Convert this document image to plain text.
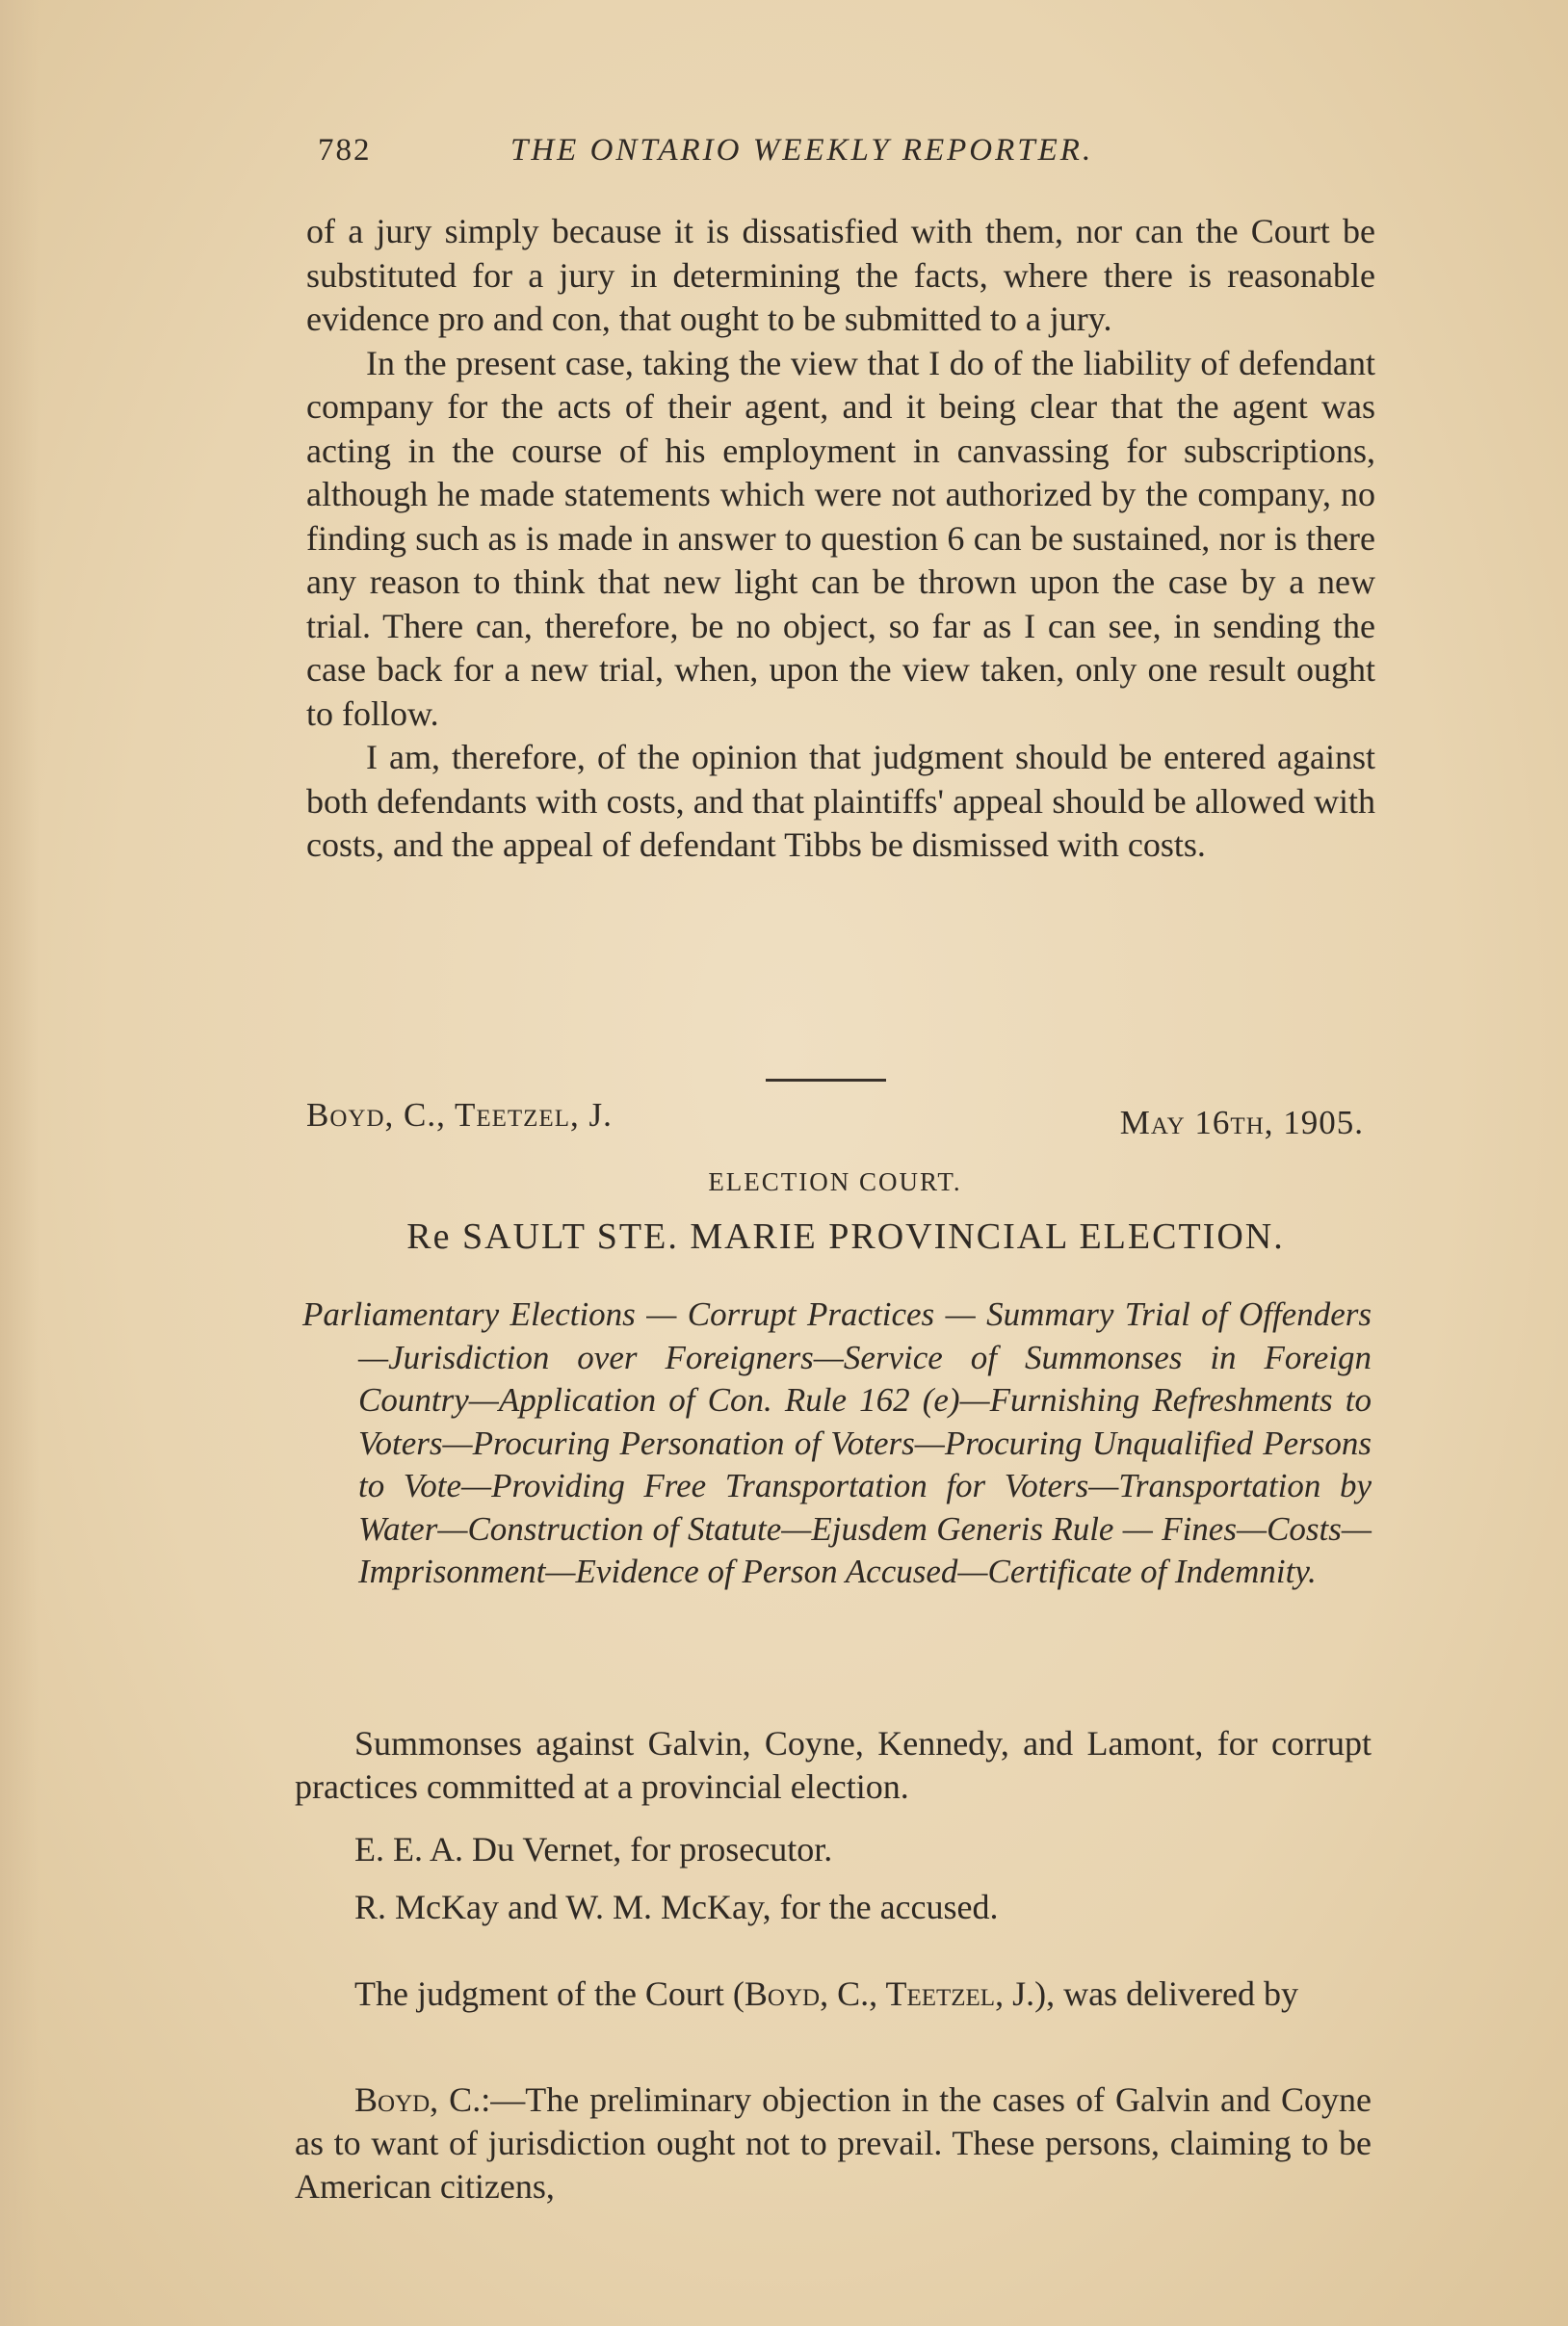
782	THE ONTARIO WEEKLY REPORTER.

of a jury simply because it is dissatisfied with them, nor can the Court be substituted for a jury in determining the facts, where there is reasonable evidence pro and con, that ought to be submitted to a jury.

In the present case, taking the view that I do of the liability of defendant company for the acts of their agent, and it being clear that the agent was acting in the course of his employment in canvassing for subscriptions, although he made statements which were not authorized by the company, no finding such as is made in answer to question 6 can be sustained, nor is there any reason to think that new light can be thrown upon the case by a new trial. There can, therefore, be no object, so far as I can see, in sending the case back for a new trial, when, upon the view taken, only one result ought to follow.

I am, therefore, of the opinion that judgment should be entered against both defendants with costs, and that plaintiffs' appeal should be allowed with costs, and the appeal of defendant Tibbs be dismissed with costs.

Boyd, C., Teetzel, J.	May 16th, 1905.
ELECTION COURT.
Re SAULT STE. MARIE PROVINCIAL ELECTION.
Parliamentary Elections — Corrupt Practices — Summary Trial of Offenders—Jurisdiction over Foreigners—Service of Summonses in Foreign Country—Application of Con. Rule 162 (e)—Furnishing Refreshments to Voters—Procuring Personation of Voters—Procuring Unqualified Persons to Vote—Providing Free Transportation for Voters—Transportation by Water—Construction of Statute—Ejusdem Generis Rule — Fines—Costs—Imprisonment—Evidence of Person Accused—Certificate of Indemnity.

Summonses against Galvin, Coyne, Kennedy, and Lamont, for corrupt practices committed at a provincial election.

E. E. A. Du Vernet, for prosecutor.

R. McKay and W. M. McKay, for the accused.

The judgment of the Court (Boyd, C., Teetzel, J.), was delivered by

Boyd, C.:—The preliminary objection in the cases of Galvin and Coyne as to want of jurisdiction ought not to prevail. These persons, claiming to be American citizens,
